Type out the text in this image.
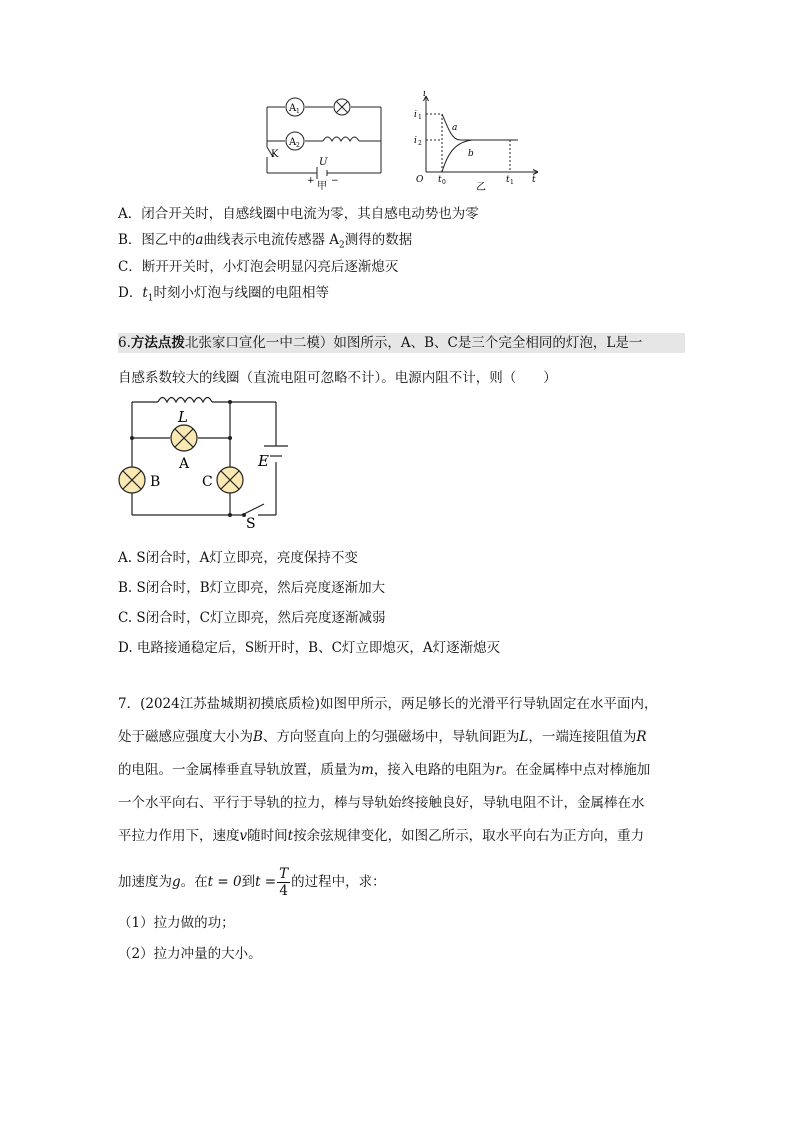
A 1
A 2
K
U
+ −
甲
i
i 1
i 2
a
b
O t 0	t 1 t
乙
A．闭合开关时，自感线圈中电流为零，其自感电动势也为零
B．图乙中的a曲线表示电流传感器 $A_2$测得的数据
C．断开开关时，小灯泡会明显闪亮后逐渐熄灭
D．$t_1$时刻小灯泡与线圈的电阻相等
6.方法点拨北张家口宣化一中二模）如图所示，A、B、C是三个完全相同的灯泡，L是一
自感系数较大的线圈（直流电阻可忽略不计）。电源内阻不计，则（　　）
L
A
B	C
E
S
A. S闭合时，A灯立即亮，亮度保持不变
B. S闭合时，B灯立即亮，然后亮度逐渐加大
C. S闭合时，C灯立即亮，然后亮度逐渐减弱
D. 电路接通稳定后，S断开时，B、C灯立即熄灭，A灯逐渐熄灭
7．(2024江苏盐城期初摸底质检)如图甲所示，两足够长的光滑平行导轨固定在水平面内，
处于磁感应强度大小为B、方向竖直向上的匀强磁场中，导轨间距为L，一端连接阻值为R
的电阻。一金属棒垂直导轨放置，质量为m，接入电路的电阻为r。在金属棒中点对棒施加
一个水平向右、平行于导轨的拉力，棒与导轨始终接触良好，导轨电阻不计，金属棒在水
平拉力作用下，速度v随时间t按余弦规律变化，如图乙所示，取水平向右为正方向，重力
加速度为g。在t = 0到$t = \frac{T}{4}$ 的过程中，求：
（1）拉力做的功；
（2）拉力冲量的大小。
